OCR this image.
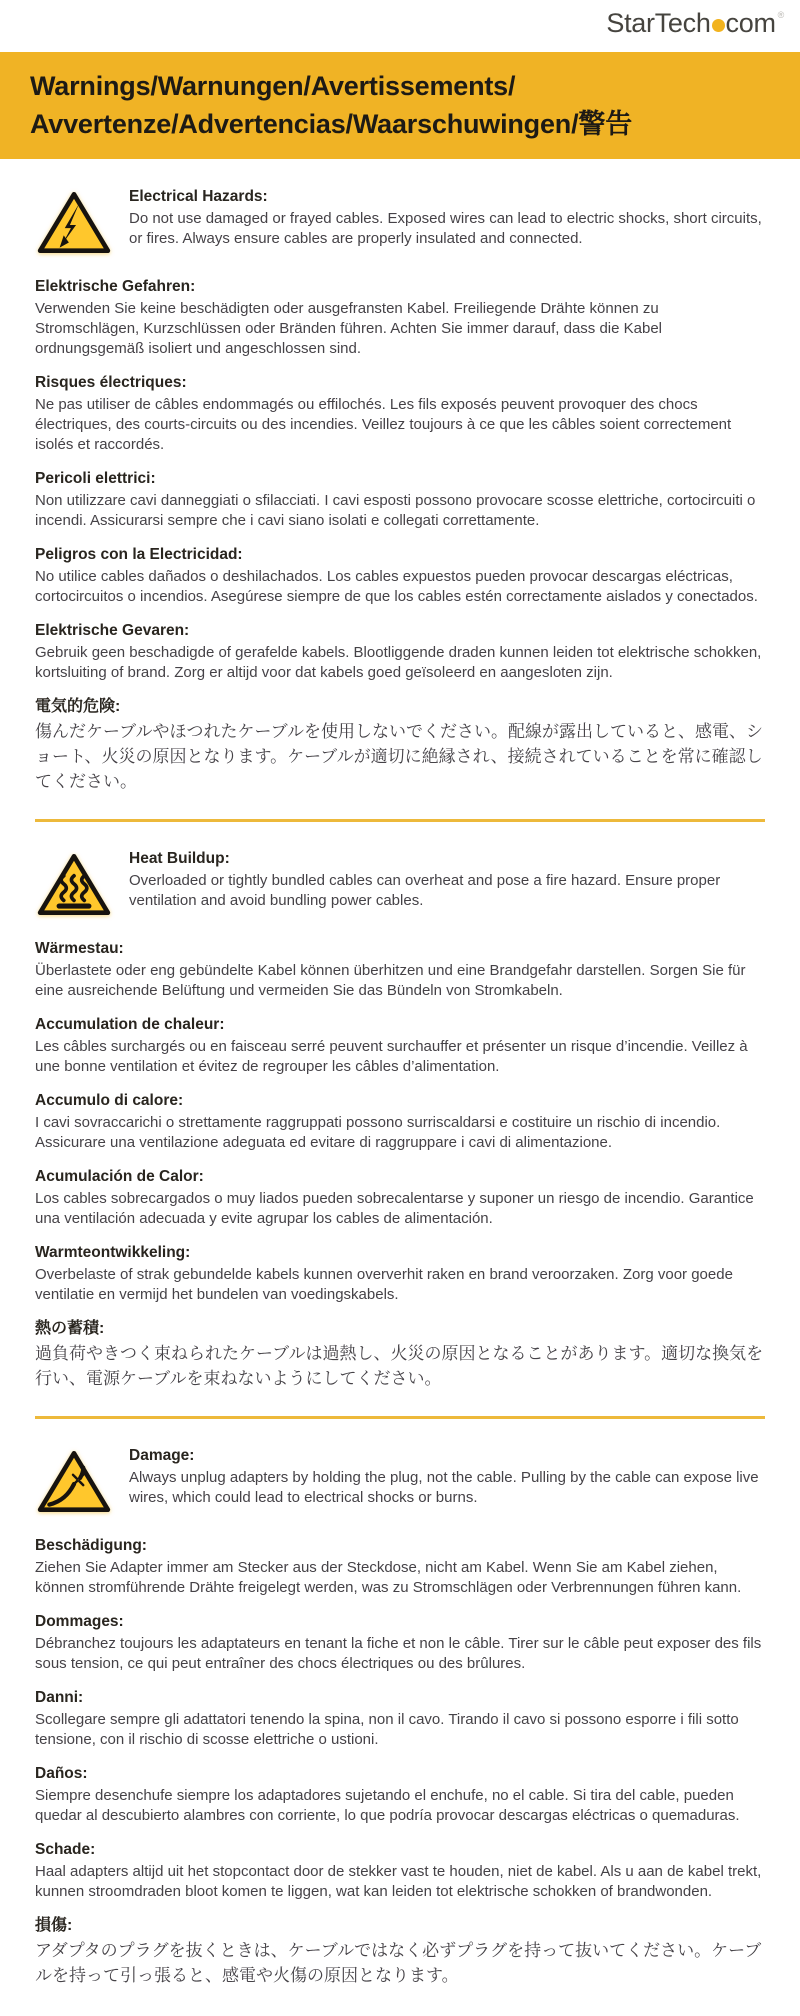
StarTech com ®
Warnings/Warnungen/Avertissements/
Avvertenze/Advertencias/Waarschuwingen/警告
Electrical Hazards:
Do not use damaged or frayed cables. Exposed wires can lead to electric shocks, short circuits, or fires. Always ensure cables are properly insulated and connected.
Elektrische Gefahren:
Verwenden Sie keine beschädigten oder ausgefransten Kabel. Freiliegende Drähte können zu Stromschlägen, Kurzschlüssen oder Bränden führen. Achten Sie immer darauf, dass die Kabel ordnungsgemäß isoliert und angeschlossen sind.
Risques électriques:
Ne pas utiliser de câbles endommagés ou effilochés. Les fils exposés peuvent provoquer des chocs électriques, des courts-circuits ou des incendies. Veillez toujours à ce que les câbles soient correctement isolés et raccordés.
Pericoli elettrici:
Non utilizzare cavi danneggiati o sfilacciati. I cavi esposti possono provocare scosse elettriche, cortocircuiti o incendi. Assicurarsi sempre che i cavi siano isolati e collegati correttamente.
Peligros con la Electricidad:
No utilice cables dañados o deshilachados. Los cables expuestos pueden provocar descargas eléctricas, cortocircuitos o incendios. Asegúrese siempre de que los cables estén correctamente aislados y conectados.
Elektrische Gevaren:
Gebruik geen beschadigde of gerafelde kabels. Blootliggende draden kunnen leiden tot elektrische schokken, kortsluiting of brand. Zorg er altijd voor dat kabels goed geïsoleerd en aangesloten zijn.
電気的危険:
傷んだケーブルやほつれたケーブルを使用しないでください。配線が露出していると、感電、ショート、火災の原因となります。ケーブルが適切に絶縁され、接続されていることを常に確認してください。
Heat Buildup:
Overloaded or tightly bundled cables can overheat and pose a fire hazard. Ensure proper ventilation and avoid bundling power cables.
Wärmestau:
Überlastete oder eng gebündelte Kabel können überhitzen und eine Brandgefahr darstellen. Sorgen Sie für eine ausreichende Belüftung und vermeiden Sie das Bündeln von Stromkabeln.
Accumulation de chaleur:
Les câbles surchargés ou en faisceau serré peuvent surchauffer et présenter un risque d’incendie. Veillez à une bonne ventilation et évitez de regrouper les câbles d’alimentation.
Accumulo di calore:
I cavi sovraccarichi o strettamente raggruppati possono surriscaldarsi e costituire un rischio di incendio. Assicurare una ventilazione adeguata ed evitare di raggruppare i cavi di alimentazione.
Acumulación de Calor:
Los cables sobrecargados o muy liados pueden sobrecalentarse y suponer un riesgo de incendio. Garantice una ventilación adecuada y evite agrupar los cables de alimentación.
Warmteontwikkeling:
Overbelaste of strak gebundelde kabels kunnen oververhit raken en brand veroorzaken. Zorg voor goede ventilatie en vermijd het bundelen van voedingskabels.
熱の蓄積:
過負荷やきつく束ねられたケーブルは過熱し、火災の原因となることがあります。適切な換気を行い、電源ケーブルを束ねないようにしてください。
Damage:
Always unplug adapters by holding the plug, not the cable. Pulling by the cable can expose live wires, which could lead to electrical shocks or burns.
Beschädigung:
Ziehen Sie Adapter immer am Stecker aus der Steckdose, nicht am Kabel. Wenn Sie am Kabel ziehen, können stromführende Drähte freigelegt werden, was zu Stromschlägen oder Verbrennungen führen kann.
Dommages:
Débranchez toujours les adaptateurs en tenant la fiche et non le câble. Tirer sur le câble peut exposer des fils sous tension, ce qui peut entraîner des chocs électriques ou des brûlures.
Danni:
Scollegare sempre gli adattatori tenendo la spina, non il cavo. Tirando il cavo si possono esporre i fili sotto tensione, con il rischio di scosse elettriche o ustioni.
Daños:
Siempre desenchufe siempre los adaptadores sujetando el enchufe, no el cable. Si tira del cable, pueden quedar al descubierto alambres con corriente, lo que podría provocar descargas eléctricas o quemaduras.
Schade:
Haal adapters altijd uit het stopcontact door de stekker vast te houden, niet de kabel. Als u aan de kabel trekt, kunnen stroomdraden bloot komen te liggen, wat kan leiden tot elektrische schokken of brandwonden.
損傷:
アダプタのプラグを抜くときは、ケーブルではなく必ずプラグを持って抜いてください。ケーブルを持って引っ張ると、感電や火傷の原因となります。
